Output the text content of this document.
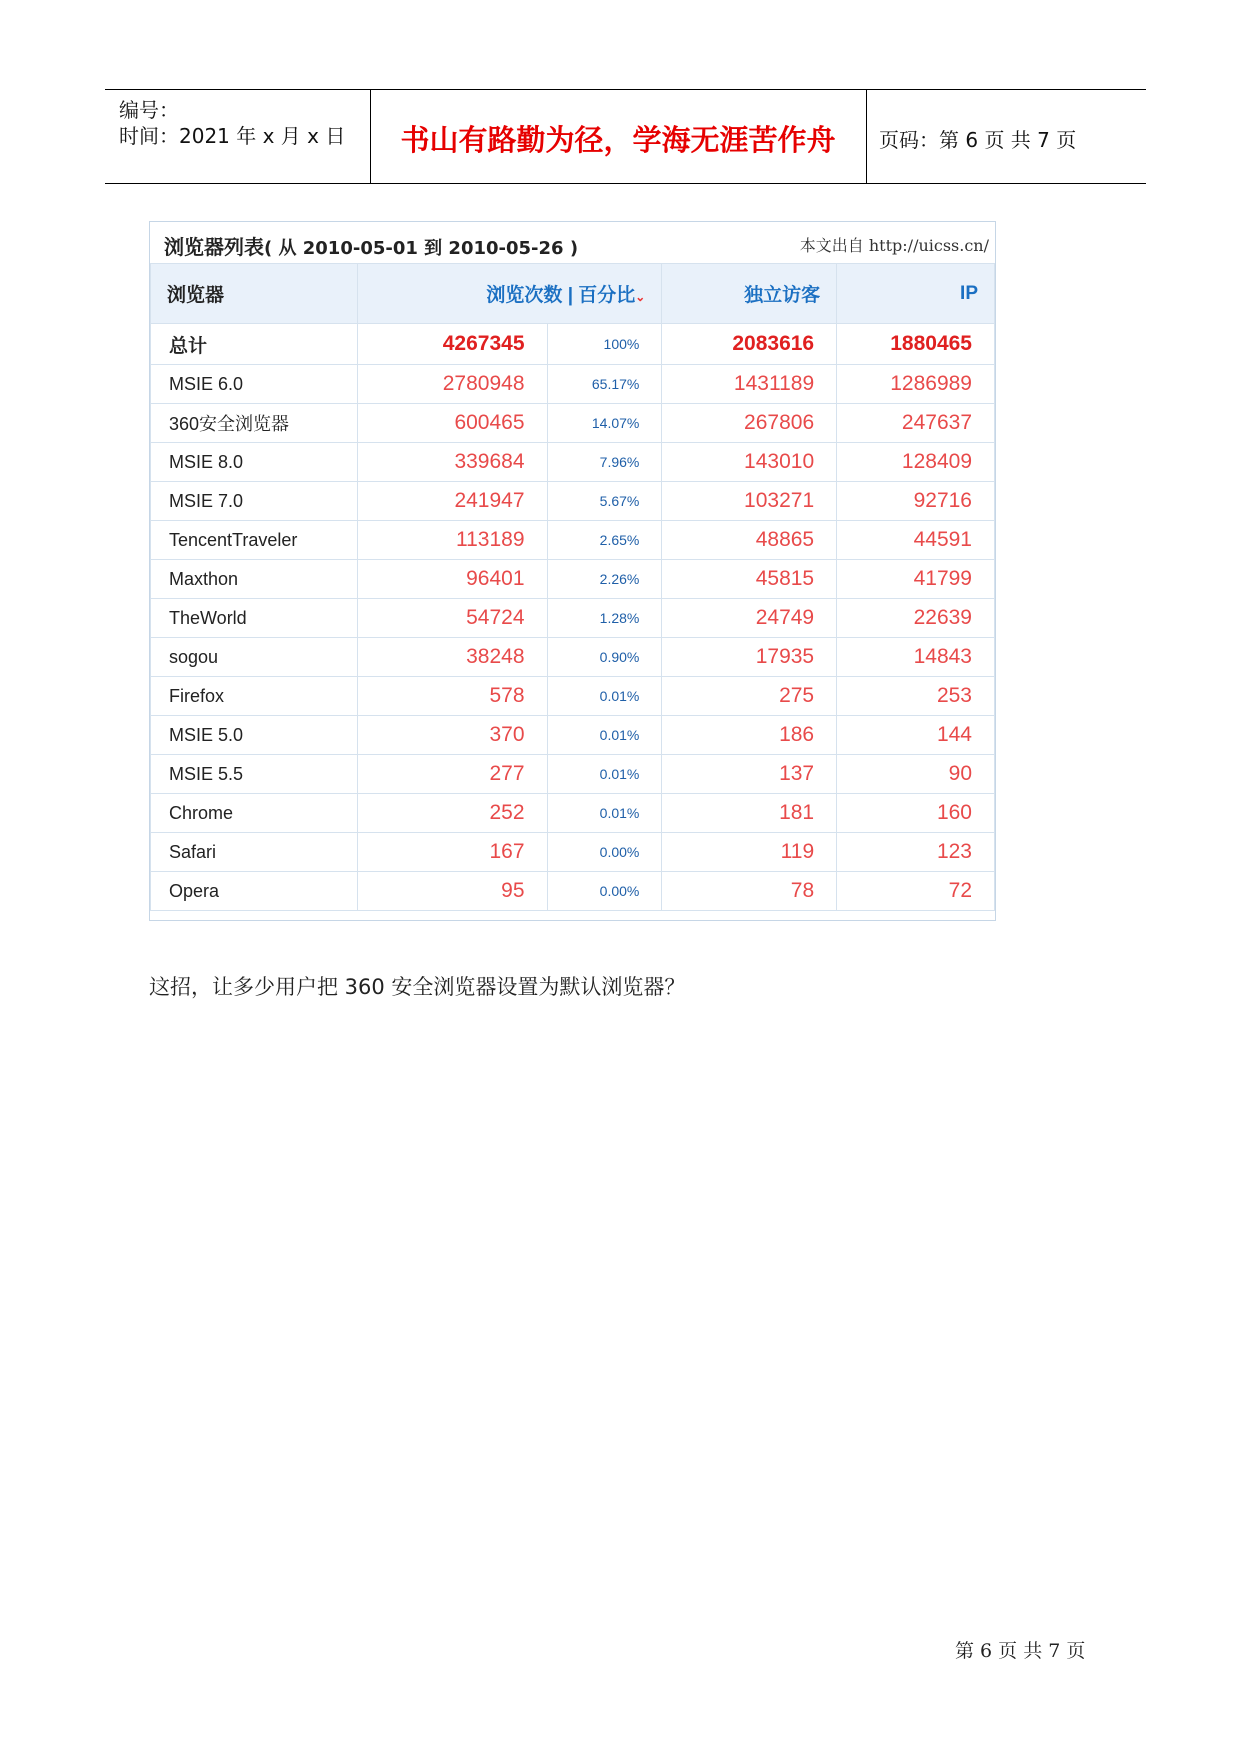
编号：
时间：2021 年 x 月 x 日	书山有路勤为径，学海无涯苦作舟	页码：第 6 页 共 7 页
浏览器列表( 从 2010-05-01 到 2010-05-26 )	本文出自 http://uicss.cn/
浏览器	浏览次数 | 百分比⌄		独立访客	IP
总计	4267345	100%	2083616	1880465
MSIE 6.0	2780948	65.17%	1431189	1286989
360安全浏览器	600465	14.07%	267806	247637
MSIE 8.0	339684	7.96%	143010	128409
MSIE 7.0	241947	5.67%	103271	92716
TencentTraveler	113189	2.65%	48865	44591
Maxthon	96401	2.26%	45815	41799
TheWorld	54724	1.28%	24749	22639
sogou	38248	0.90%	17935	14843
Firefox	578	0.01%	275	253
MSIE 5.0	370	0.01%	186	144
MSIE 5.5	277	0.01%	137	90
Chrome	252	0.01%	181	160
Safari	167	0.00%	119	123
Opera	95	0.00%	78	72
这招，让多少用户把 360 安全浏览器设置为默认浏览器？
第 6 页 共 7 页
